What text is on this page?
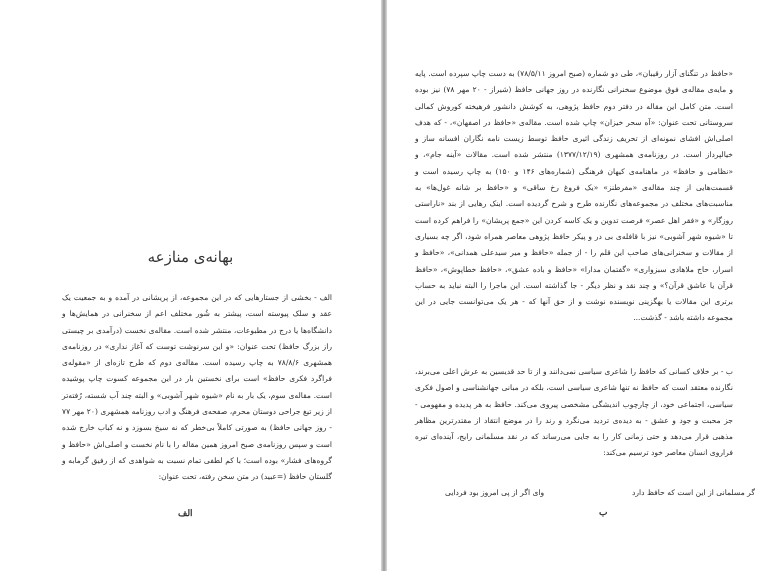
بهانه‌ی منازعه
الف - بخشی از جستارهایی که در این مجموعه، از پریشانی در آمده و به جمعیت یک عقد و سلک پیوسته است، پیشتر به شُور مختلف اعم از سخنرانی در همایش‌ها و دانشگاه‌ها یا درج در مطبوعات، منتشر شده است. مقاله‌ی نخست (درآمدی بر چیستی راز بزرگ حافظ) تحت عنوان: «و این سرنوشت توست که آغاز نداری» در روزنامه‌ی همشهری ۷۸/۸/۶ به چاپ رسیده است. مقاله‌ی دوم که طرح تازه‌ای از «مقوله‌ی فراگرد فکری حافظ» است برای نخستین بار در این مجموعه کسوت چاپ پوشیده است. مقاله‌ی سوم، یک بار به نام «شیوه شهر آشوبی» و البته چند آب شسته، رُفته‌تر از زیر تیغ جراحی دوستان محرم، صفحه‌ی فرهنگ و ادب روزنامه همشهری (۲۰ مهر ۷۷ - روز جهانی حافظ) به صورتی کاملاً بی‌خطر که نه سیخ بسوزد و نه کباب خارج شده است و سپس روزنامه‌ی صبح امروز همین مقاله را با نام نخست و اصلی‌اش «حافظ و گروه‌های فشار» بوده است؛ با کم لطفی تمام نسبت به شواهدی که از رفیق گرمابه و گلستان حافظ (=عبید) در متن سخن رفته، تحت عنوان:
الف
«حافظ در تنگنای آزار رقیبان»، طی دو شماره (صبح امروز ۷۸/۵/۱۱) به دست چاپ سپرده است. پایه و مایه‌ی مقاله‌ی فوق موضوع سخنرانی نگارنده در روز جهانی حافظ (شیراز - ۲۰ مهر ۷۸) نیز بوده است. متن کامل این مقاله در دفتر دوم حافظ پژوهی، به کوشش دانشور فرهیخته کوروش کمالی سروستانی تحت عنوان: «آه سحر خیزان» چاپ شده است. مقاله‌ی «حافظ در اصفهان»، - که هدف اصلی‌اش افشای نمونه‌ای از تحریف زندگی اثیری حافظ توسط زیست نامه نگاران افسانه ساز و خیالپرداز است. در روزنامه‌ی همشهری (۱۳۷۷/۱۲/۱۹) منتشر شده است. مقالات «آینه جام»، و «نظامی و حافظ» در ماهنامه‌ی کیهان فرهنگی (شماره‌های ۱۴۶ و ۱۵۰) به چاپ رسیده است و قسمت‌هایی از چند مقاله‌ی «مفرطنز» «یک فروغ رخ ساقی» و «حافظ بر شانه غول‌ها» به مناسبت‌های مختلف در مجموعه‌های نگارنده طرح و شرح گردیده است. اینک رهایی از بند «ناراستی روزگار» و «فقر اهل عصر» فرصت تدوین و یک کاسه کردن این «جمع پریشان» را فراهم کرده است تا «شیوه شهر آشوبی» نیز با قافله‌ی بی در و پیکر حافظ پژوهی معاصر همراه شود، اگر چه بسیاری از مقالات و سخنرانی‌های صاحب این قلم را - از جمله «حافظ و میر سیدعلی همدانی»، «حافظ و اسرار، حاج ملاهادی سبزواری» «گفتمان مدارا» «حافظ و باده عشق»، «حافظ خطاپوش»، «حافظ قرآن یا عاشق قرآن؟» و چند نقد و نظر دیگر - جا گذاشته است. این ماجرا را البته نباید به حساب برتری این مقالات یا بهگزینی نویسنده نوشت و از حق آنها که - هر یک می‌توانست جایی در این مجموعه داشته باشد - گذشت...
ب - بر خلاف کسانی که حافظ را شاعری سیاسی نمی‌دانند و از تا حد قدیسین به عرش اعلی می‌برند، نگارنده معتقد است که حافظ نه تنها شاعری سیاسی است، بلکه در مبانی جهانشناسی و اصول فکری سیاسی، اجتماعی خود، از چارچوب اندیشگی مشخصی پیروی می‌کند. حافظ به هر پدیده و مفهومی - جز محبت و جود و عشق - به دیده‌ی تردید می‌نگرد و رند را در موضع انتقاد از مقتدرترین مظاهر مذهبی قرار می‌دهد و حتی زمانی کار را به جایی می‌رساند که در نقد مسلمانی رایج، آینده‌ای تیره فراروی انسان معاصر خود ترسیم می‌کند:
گر مسلمانی از این است که حافظ دارد
وای اگر از پی امروز بود فردایی
ب
